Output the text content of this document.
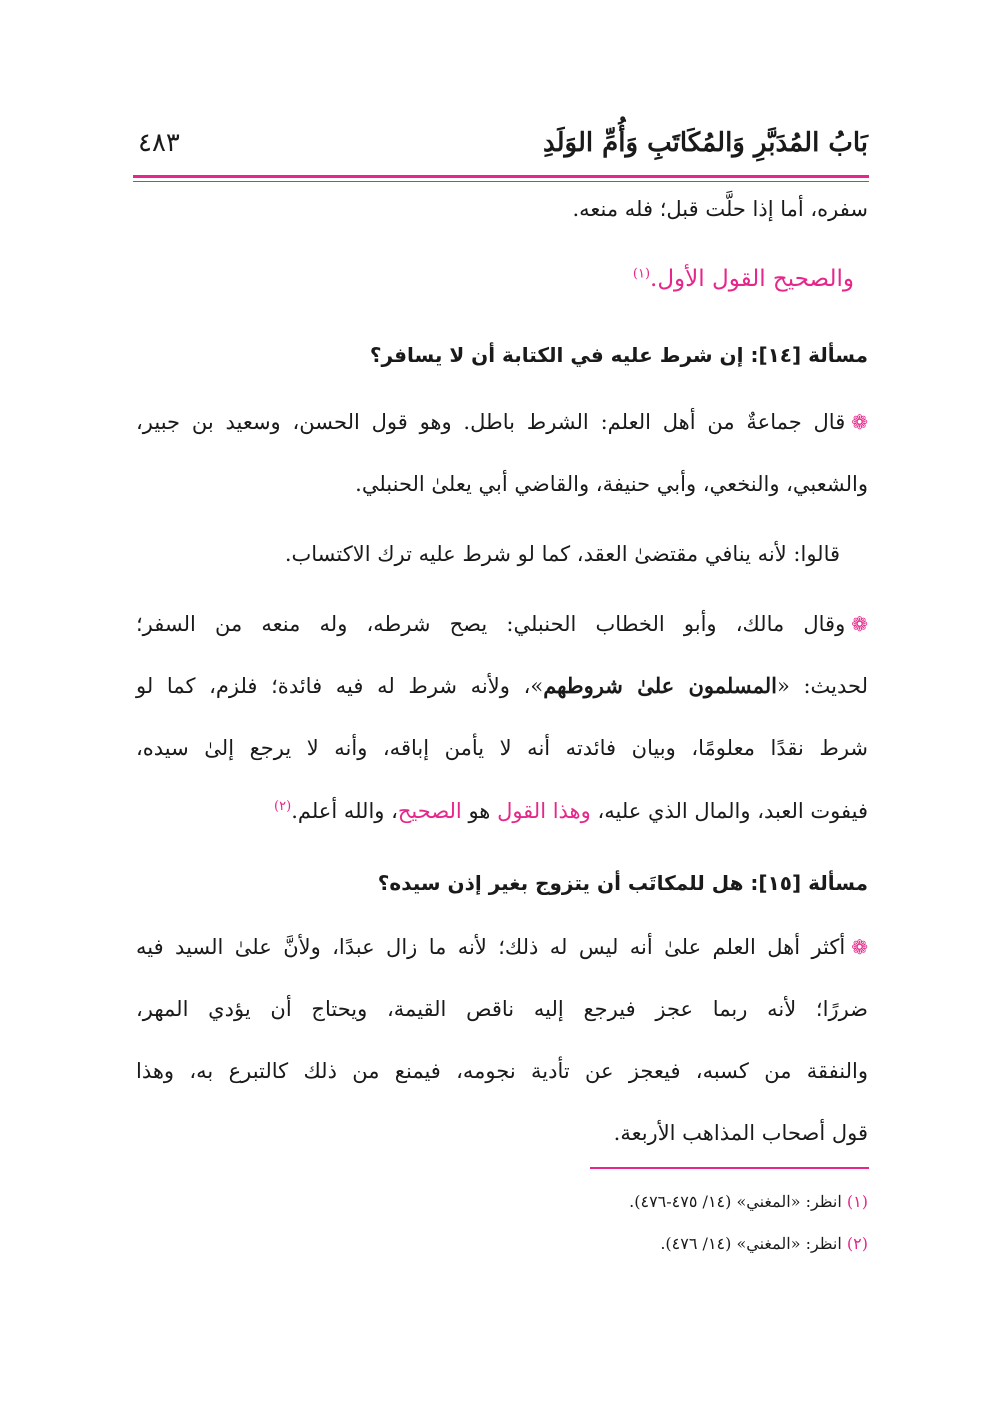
بَابُ المُدَبَّرِ وَالمُكَاتَبِ وَأُمِّ الوَلَدِ
٤٨٣
سفره، أما إذا حلَّت قبل؛ فله منعه.
والصحيح القول الأول.$^{(١)}$
مسألة [١٤]: إن شرط عليه في الكتابة أن لا يسافر؟
❁قال جماعةٌ من أهل العلم: الشرط باطل. وهو قول الحسن، وسعيد بن جبير،
والشعبي، والنخعي، وأبي حنيفة، والقاضي أبي يعلىٰ الحنبلي.
قالوا: لأنه ينافي مقتضىٰ العقد، كما لو شرط عليه ترك الاكتساب.
❁وقال مالك، وأبو الخطاب الحنبلي: يصح شرطه، وله منعه من السفر؛
لحديث: «المسلمون علىٰ شروطهم»، ولأنه شرط له فيه فائدة؛ فلزم، كما لو
شرط نقدًا معلومًا، وبيان فائدته أنه لا يأمن إباقه، وأنه لا يرجع إلىٰ سيده،
فيفوت العبد، والمال الذي عليه، وهذا القول هو الصحيح، والله أعلم.$^{(٢)}$
مسألة [١٥]: هل للمكاتَب أن يتزوج بغير إذن سيده؟
❁أكثر أهل العلم علىٰ أنه ليس له ذلك؛ لأنه ما زال عبدًا، ولأنَّ علىٰ السيد فيه
ضررًا؛ لأنه ربما عجز فيرجع إليه ناقص القيمة، ويحتاج أن يؤدي المهر،
والنفقة من كسبه، فيعجز عن تأدية نجومه، فيمنع من ذلك كالتبرع به، وهذا
قول أصحاب المذاهب الأربعة.
(١) انظر: «المغني» (١٤/ ٤٧٥-٤٧٦).
(٢) انظر: «المغني» (١٤/ ٤٧٦).
